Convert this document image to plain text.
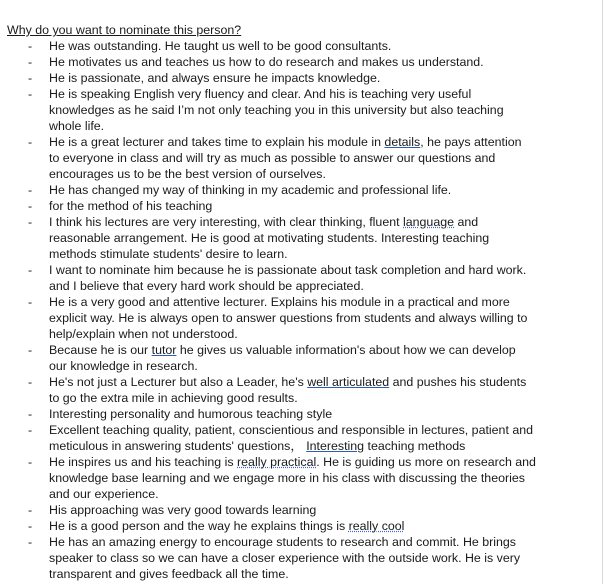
Why do you want to nominate this person?

- He was outstanding. He taught us well to be good consultants.
- He motivates us and teaches us how to do research and makes us understand.
- He is passionate, and always ensure he impacts knowledge.
- He is speaking English very fluency and clear. And his is teaching very useful
knowledges as he said I’m not only teaching you in this university but also teaching
whole life.
- He is a great lecturer and takes time to explain his module in details, he pays attention
to everyone in class and will try as much as possible to answer our questions and
encourages us to be the best version of ourselves.
- He has changed my way of thinking in my academic and professional life.
- for the method of his teaching
- I think his lectures are very interesting, with clear thinking, fluent language and
reasonable arrangement. He is good at motivating students. Interesting teaching
methods stimulate students' desire to learn.
- I want to nominate him because he is passionate about task completion and hard work.
and I believe that every hard work should be appreciated.
- He is a very good and attentive lecturer. Explains his module in a practical and more
explicit way. He is always open to answer questions from students and always willing to
help/explain when not understood.
- Because he is our tutor he gives us valuable information's about how we can develop
our knowledge in research.
- He's not just a Lecturer but also a Leader, he's well articulated and pushes his students
to go the extra mile in achieving good results.
- Interesting personality and humorous teaching style
- Excellent teaching quality, patient, conscientious and responsible in lectures, patient and
meticulous in answering students' questions， Interesting teaching methods
- He inspires us and his teaching is really practical. He is guiding us more on research and
knowledge base learning and we engage more in his class with discussing the theories
and our experience.
- His approaching was very good towards learning
- He is a good person and the way he explains things is really cool
- He has an amazing energy to encourage students to research and commit. He brings
speaker to class so we can have a closer experience with the outside work. He is very
transparent and gives feedback all the time.
